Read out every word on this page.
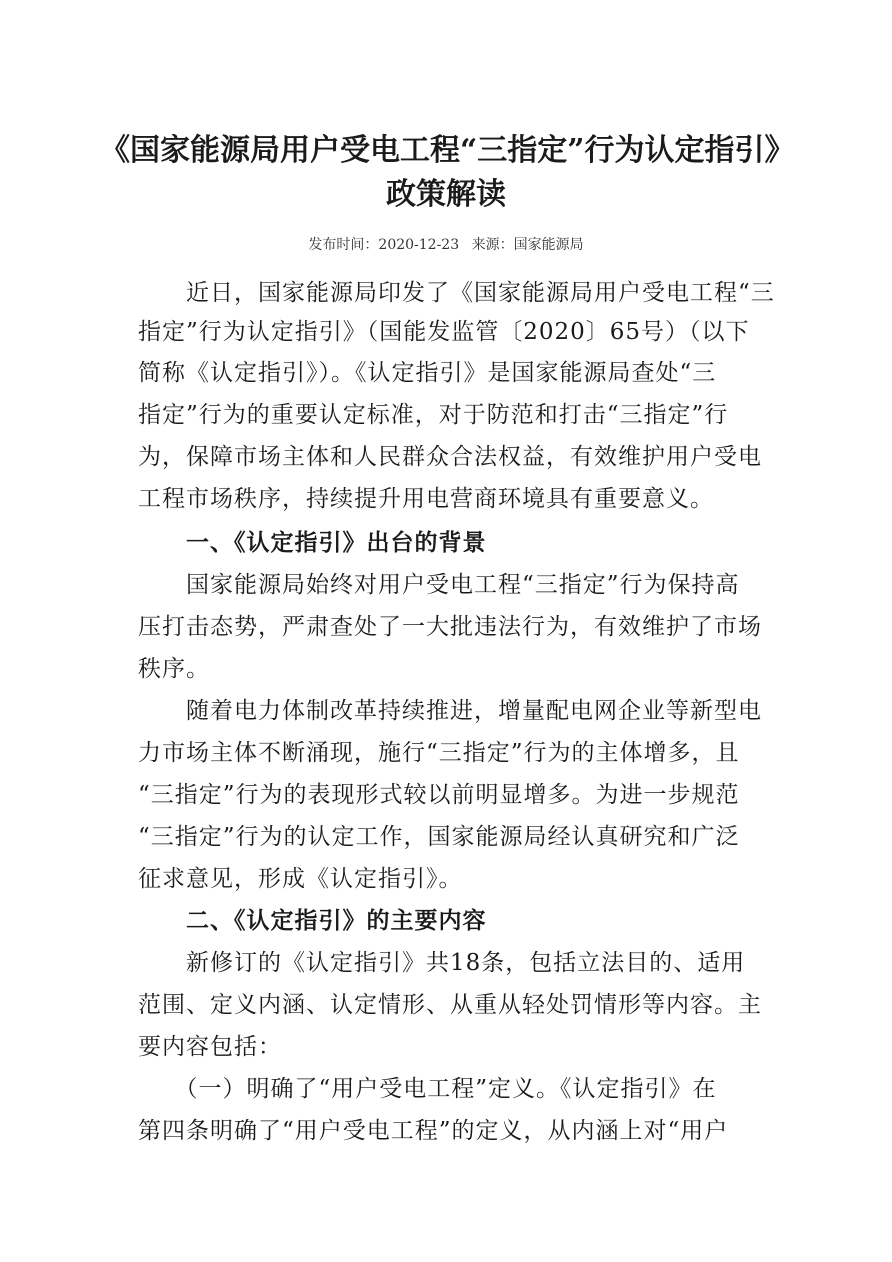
《国家能源局用户受电工程“三指定”行为认定指引》
政策解读
发布时间：2020-12-23 来源：国家能源局
　　近日，国家能源局印发了《国家能源局用户受电工程“三
指定”行为认定指引》（国能发监管〔2020〕65号）（以下
简称《认定指引》）。《认定指引》是国家能源局查处“三
指定”行为的重要认定标准，对于防范和打击“三指定”行
为，保障市场主体和人民群众合法权益，有效维护用户受电
工程市场秩序，持续提升用电营商环境具有重要意义。
　　一、《认定指引》出台的背景
　　国家能源局始终对用户受电工程“三指定”行为保持高
压打击态势，严肃查处了一大批违法行为，有效维护了市场
秩序。
　　随着电力体制改革持续推进，增量配电网企业等新型电
力市场主体不断涌现，施行“三指定”行为的主体增多，且
“三指定”行为的表现形式较以前明显增多。为进一步规范
“三指定”行为的认定工作，国家能源局经认真研究和广泛
征求意见，形成《认定指引》。
　　二、《认定指引》的主要内容
　　新修订的《认定指引》共18条，包括立法目的、适用
范围、定义内涵、认定情形、从重从轻处罚情形等内容。主
要内容包括：
　　（一）明确了“用户受电工程”定义。《认定指引》在
第四条明确了“用户受电工程”的定义，从内涵上对“用户
